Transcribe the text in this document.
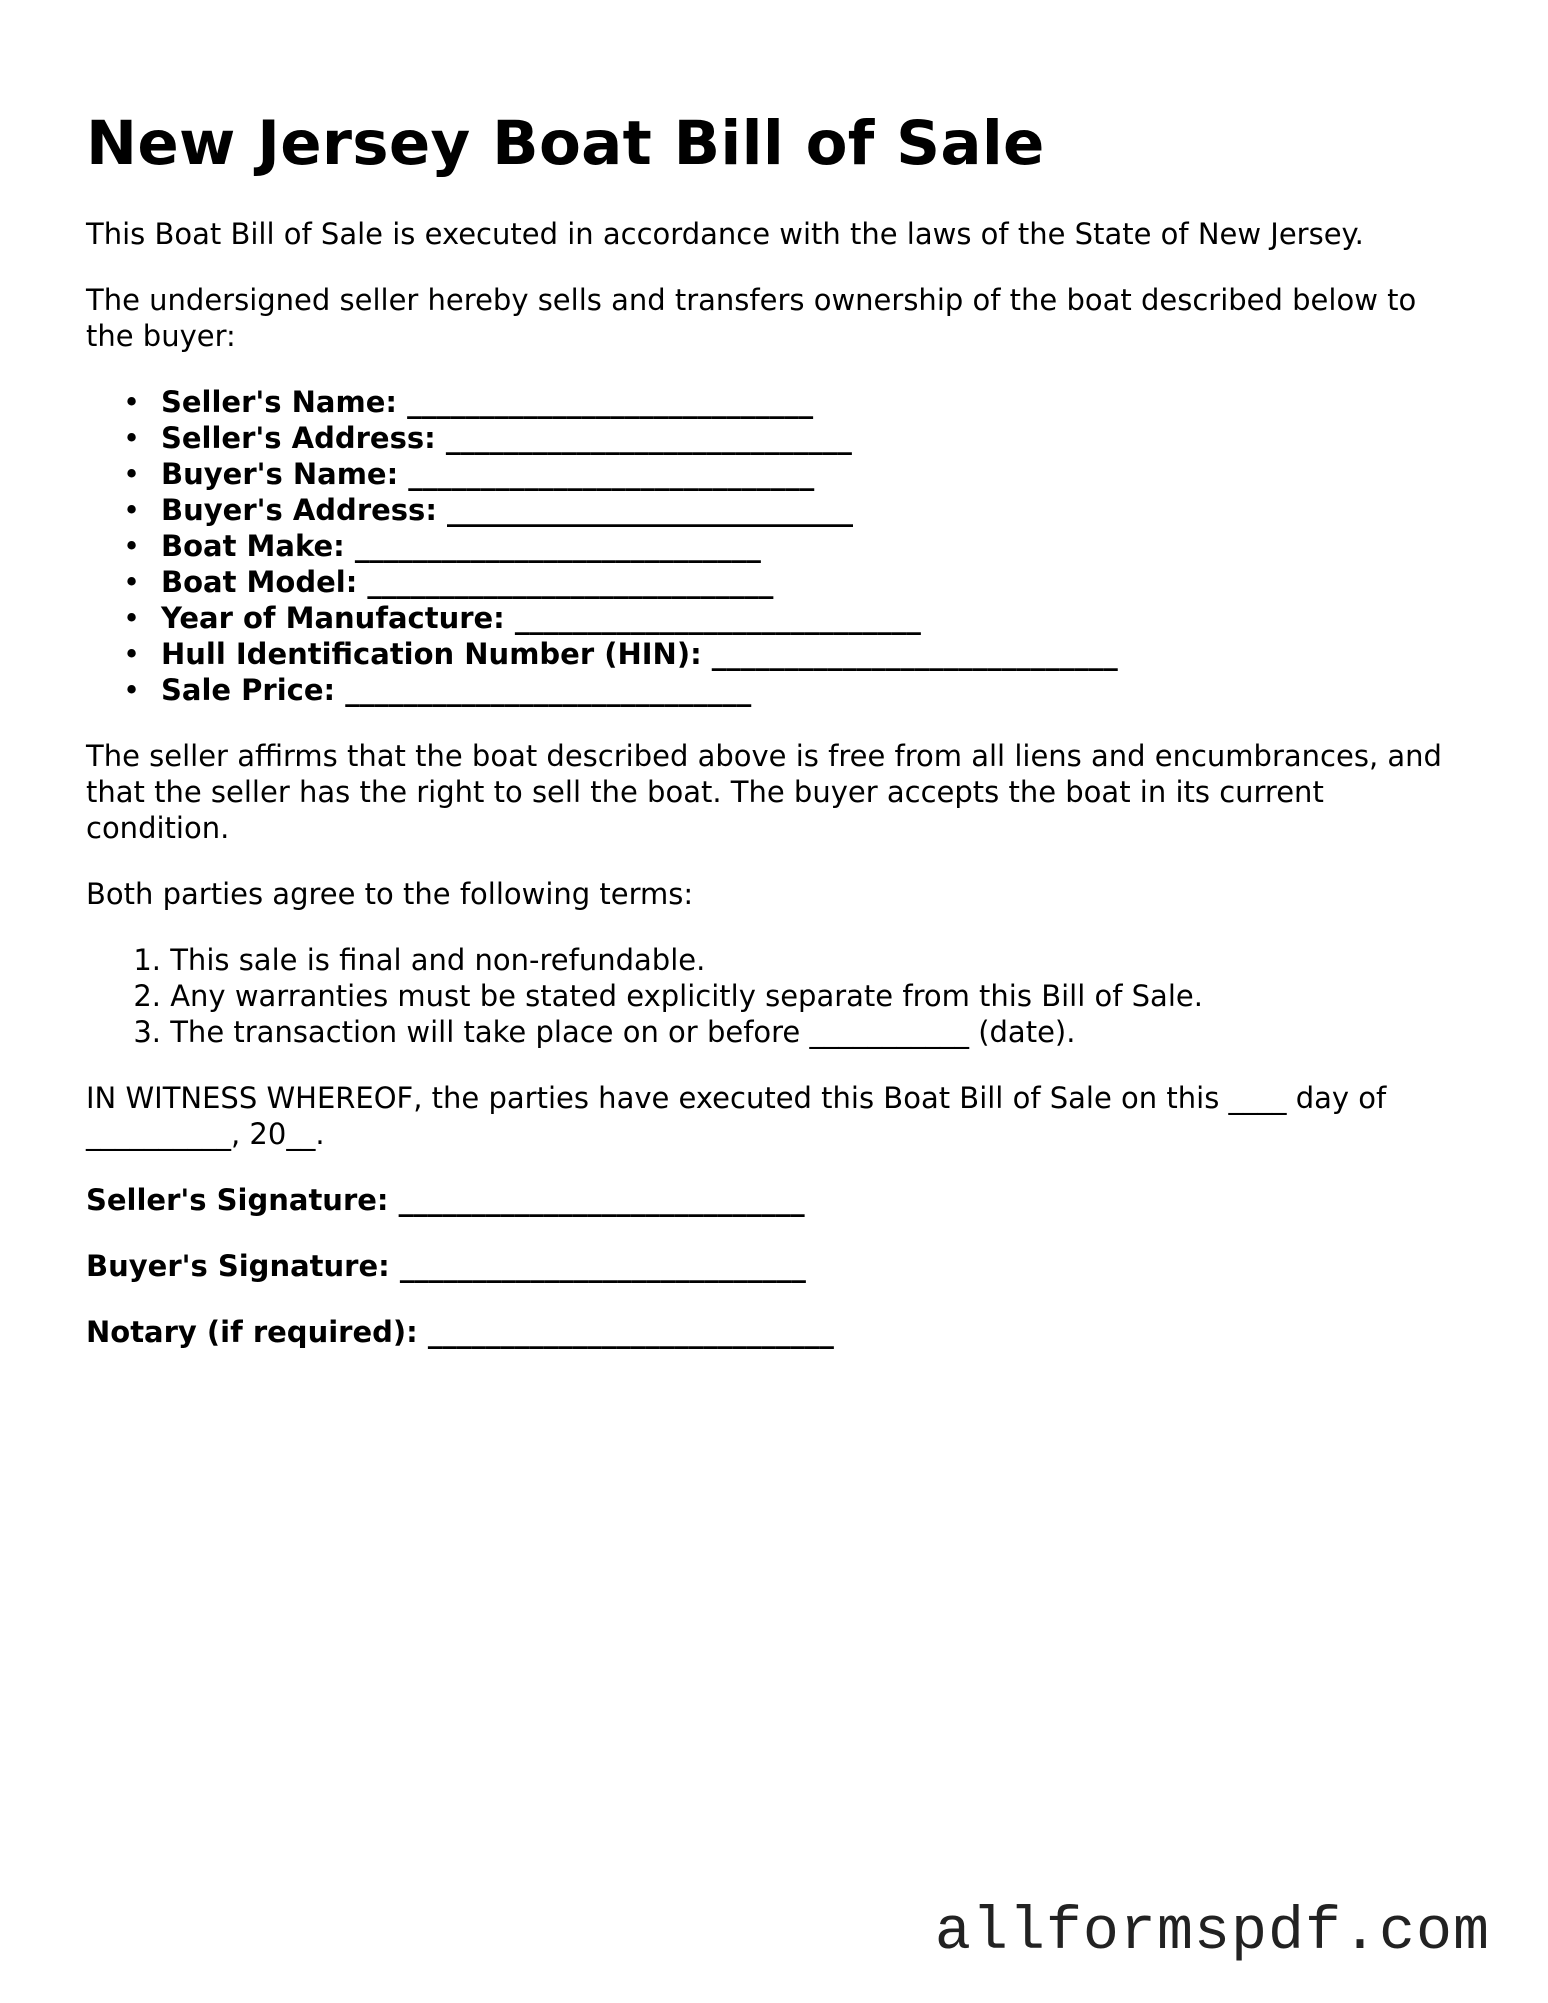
New Jersey Boat Bill of Sale

This Boat Bill of Sale is executed in accordance with the laws of the State of New Jersey.

The undersigned seller hereby sells and transfers ownership of the boat described below to the buyer:

• Seller's Name: ____________________________
• Seller's Address: ____________________________
• Buyer's Name: ____________________________
• Buyer's Address: ____________________________
• Boat Make: ____________________________
• Boat Model: ____________________________
• Year of Manufacture: ____________________________
• Hull Identification Number (HIN): ____________________________
• Sale Price: ____________________________

The seller affirms that the boat described above is free from all liens and encumbrances, and that the seller has the right to sell the boat. The buyer accepts the boat in its current condition.

Both parties agree to the following terms:

1. This sale is final and non-refundable.
2. Any warranties must be stated explicitly separate from this Bill of Sale.
3. The transaction will take place on or before ___________ (date).

IN WITNESS WHEREOF, the parties have executed this Boat Bill of Sale on this ____ day of __________, 20__.

Seller's Signature: ____________________________
Buyer's Signature: ____________________________
Notary (if required): ____________________________
allformspdf.com
